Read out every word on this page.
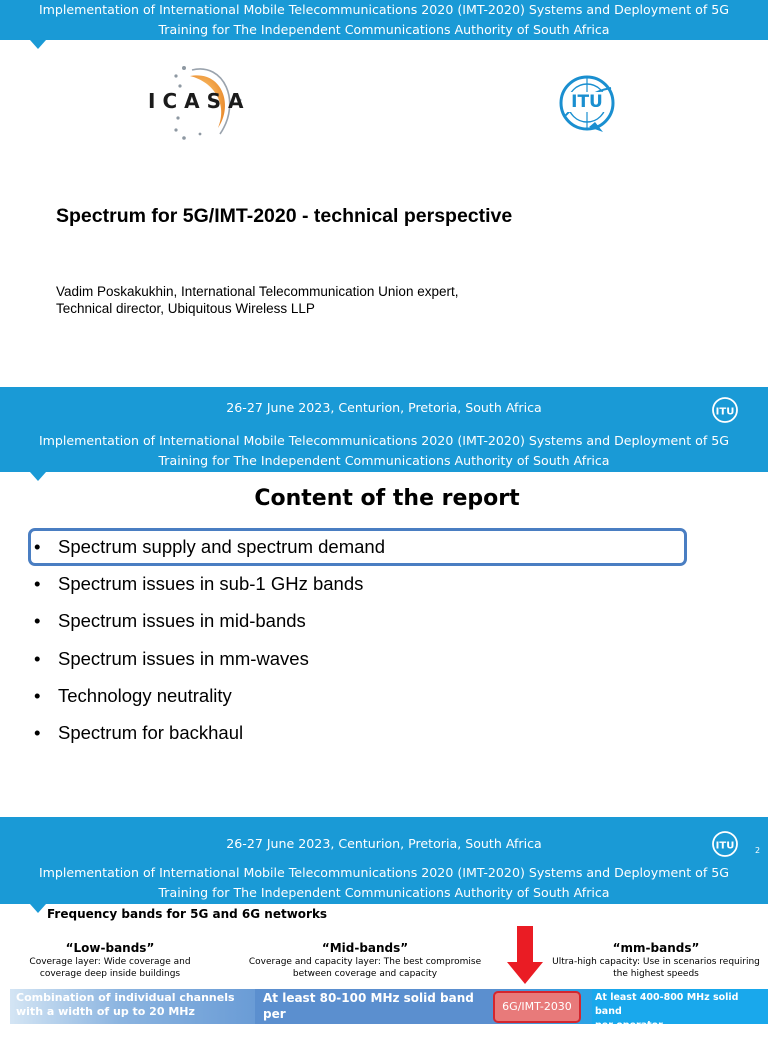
Implementation of International Mobile Telecommunications 2020 (IMT-2020) Systems and Deployment of 5G
Training for The Independent Communications Authority of South Africa
ICASA	ITU
Spectrum for 5G/IMT-2020 - technical perspective
Vadim Poskakukhin, International Telecommunication Union expert,
Technical director, Ubiquitous Wireless LLP
26-27 June 2023, Centurion, Pretoria, South Africa	ITU
Implementation of International Mobile Telecommunications 2020 (IMT-2020) Systems and Deployment of 5G
Training for The Independent Communications Authority of South Africa
Content of the report
• Spectrum supply and spectrum demand
• Spectrum issues in sub-1 GHz bands
• Spectrum issues in mid-bands
• Spectrum issues in mm-waves
• Technology neutrality
• Spectrum for backhaul
26-27 June 2023, Centurion, Pretoria, South Africa	ITU	2
Implementation of International Mobile Telecommunications 2020 (IMT-2020) Systems and Deployment of 5G
Training for The Independent Communications Authority of South Africa
Frequency bands for 5G and 6G networks
“Low-bands”
Coverage layer: Wide coverage and
coverage deep inside buildings
“Mid-bands”
Coverage and capacity layer: The best compromise
between coverage and capacity
“mm-bands”
Ultra-high capacity: Use in scenarios requiring
the highest speeds
Combination of individual channels
with a width of up to 20 MHz
At least 80-100 MHz solid band per
operator
At least 400-800 MHz solid band
per operator
6G/IMT-2030
